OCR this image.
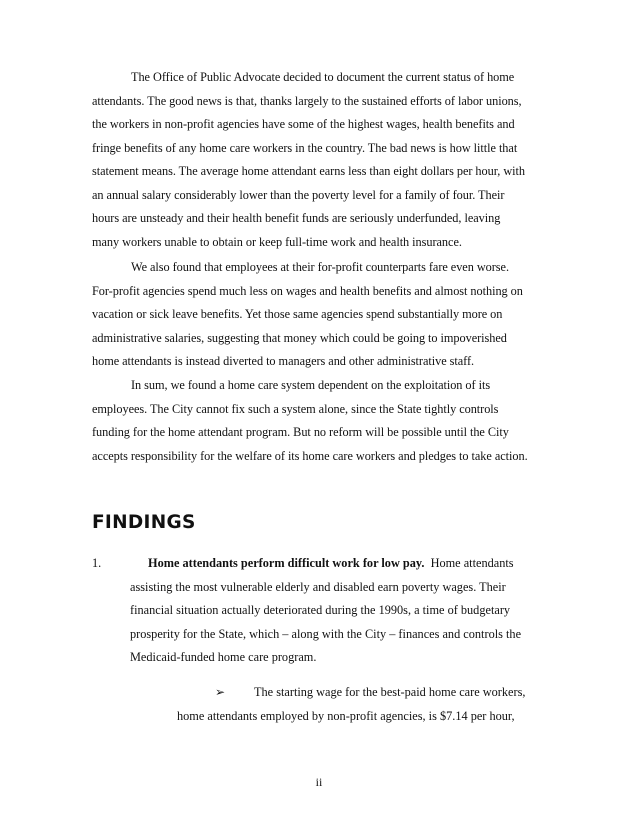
The Office of Public Advocate decided to document the current status of home
attendants. The good news is that, thanks largely to the sustained efforts of labor unions,
the workers in non-profit agencies have some of the highest wages, health benefits and
fringe benefits of any home care workers in the country. The bad news is how little that
statement means. The average home attendant earns less than eight dollars per hour, with
an annual salary considerably lower than the poverty level for a family of four. Their
hours are unsteady and their health benefit funds are seriously underfunded, leaving
many workers unable to obtain or keep full-time work and health insurance.
We also found that employees at their for-profit counterparts fare even worse.
For-profit agencies spend much less on wages and health benefits and almost nothing on
vacation or sick leave benefits. Yet those same agencies spend substantially more on
administrative salaries, suggesting that money which could be going to impoverished
home attendants is instead diverted to managers and other administrative staff.
In sum, we found a home care system dependent on the exploitation of its
employees. The City cannot fix such a system alone, since the State tightly controls
funding for the home attendant program. But no reform will be possible until the City
accepts responsibility for the welfare of its home care workers and pledges to take action.
FINDINGS
1.	Home attendants perform difficult work for low pay.  Home attendants
assisting the most vulnerable elderly and disabled earn poverty wages. Their
financial situation actually deteriorated during the 1990s, a time of budgetary
prosperity for the State, which – along with the City – finances and controls the
Medicaid-funded home care program.
➢ The starting wage for the best-paid home care workers,
home attendants employed by non-profit agencies, is $7.14 per hour,
ii
